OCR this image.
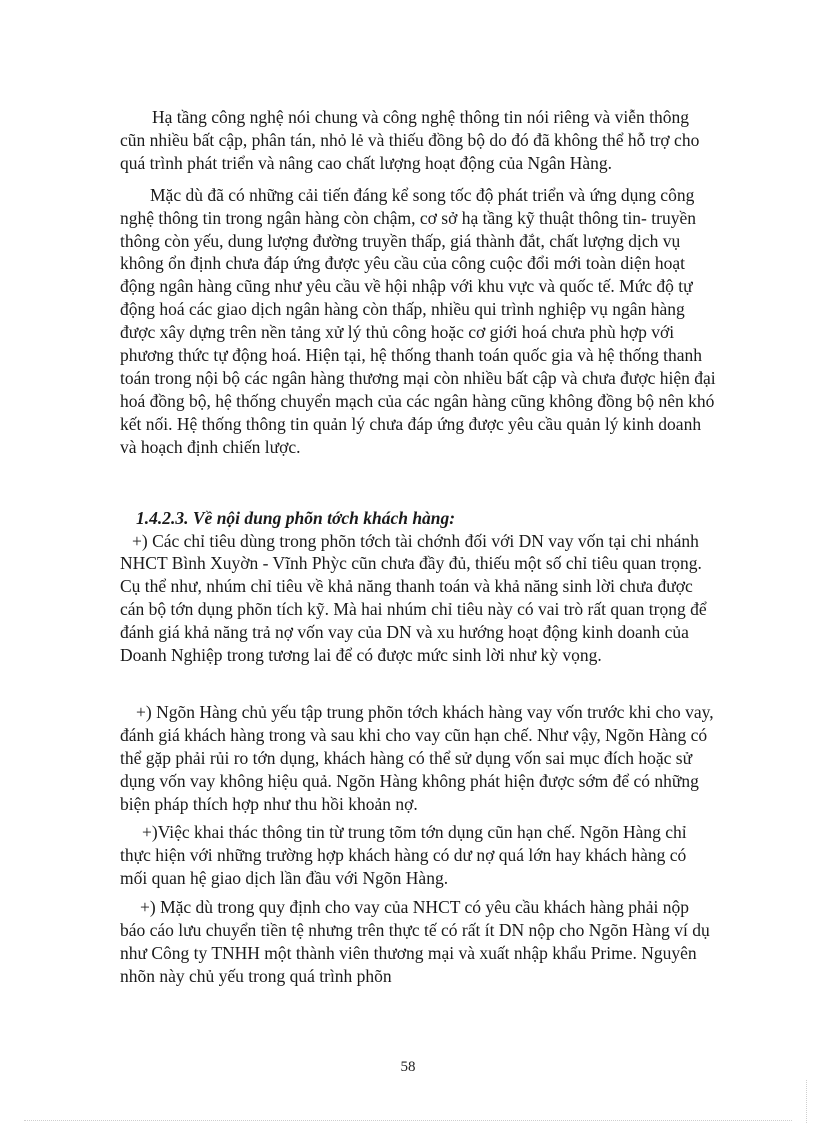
Hạ tầng công nghệ nói chung và công nghệ thông tin nói riêng và viễn thông cũn nhiều bất cập, phân tán, nhỏ lẻ và thiếu đồng bộ do đó đã không thể hỗ trợ cho quá trình phát triển và nâng cao chất lượng hoạt động của Ngân Hàng.

Mặc dù đã có những cải tiến đáng kể song tốc độ phát triển và ứng dụng công nghệ thông tin trong ngân hàng còn chậm, cơ sở hạ tầng kỹ thuật thông tin- truyền thông còn yếu, dung lượng đường truyền thấp, giá thành đắt, chất lượng dịch vụ không ổn định chưa đáp ứng được yêu cầu của công cuộc đổi mới toàn diện hoạt động ngân hàng cũng như yêu cầu về hội nhập với khu vực và quốc tế. Mức độ tự động hoá các giao dịch ngân hàng còn thấp, nhiều qui trình nghiệp vụ ngân hàng được xây dựng trên nền tảng xử lý thủ công hoặc cơ giới hoá chưa phù hợp với phương thức tự động hoá. Hiện tại, hệ thống thanh toán quốc gia và hệ thống thanh toán trong nội bộ các ngân hàng thương mại còn nhiều bất cập và chưa được hiện đại hoá đồng bộ, hệ thống chuyển mạch của các ngân hàng cũng không đồng bộ nên khó kết nối. Hệ thống thông tin quản lý chưa đáp ứng được yêu cầu quản lý kinh doanh và hoạch định chiến lược.

1.4.2.3. Về nội dung phõn tớch khách hàng:

+) Các chỉ tiêu dùng trong phõn tớch tài chớnh đối với DN vay vốn tại chi nhánh NHCT Bình Xuyờn - Vĩnh Phỳc cũn chưa đầy đủ, thiếu một số chỉ tiêu quan trọng. Cụ thể như, nhúm chỉ tiêu về khả năng thanh toán và khả năng sinh lời chưa được cán bộ tớn dụng phõn tích kỹ. Mà hai nhúm chỉ tiêu này có vai trò rất quan trọng để đánh giá khả năng trả nợ vốn vay của DN và xu hướng hoạt động kinh doanh của Doanh Nghiệp trong tương lai để có được mức sinh lời như kỳ vọng.

+) Ngõn Hàng chủ yếu tập trung phõn tớch khách hàng vay vốn trước khi cho vay, đánh giá khách hàng trong và sau khi cho vay cũn hạn chế. Như vậy, Ngõn Hàng có thể gặp phải rủi ro tớn dụng, khách hàng có thể sử dụng vốn sai mục đích hoặc sử dụng vốn vay không hiệu quả. Ngõn Hàng không phát hiện được sớm để có những biện pháp thích hợp như thu hồi khoản nợ.

+)Việc khai thác thông tin từ trung tõm tớn dụng cũn hạn chế. Ngõn Hàng chỉ thực hiện với những trường hợp khách hàng có dư nợ quá lớn hay khách hàng có mối quan hệ giao dịch lần đầu với Ngõn Hàng.

+) Mặc dù trong quy định cho vay của NHCT có yêu cầu khách hàng phải nộp báo cáo lưu chuyển tiền tệ nhưng trên thực tế có rất ít DN nộp cho Ngõn Hàng ví dụ như Công ty TNHH một thành viên thương mại và xuất nhập khẩu Prime. Nguyên nhõn này chủ yếu trong quá trình phõn

58
